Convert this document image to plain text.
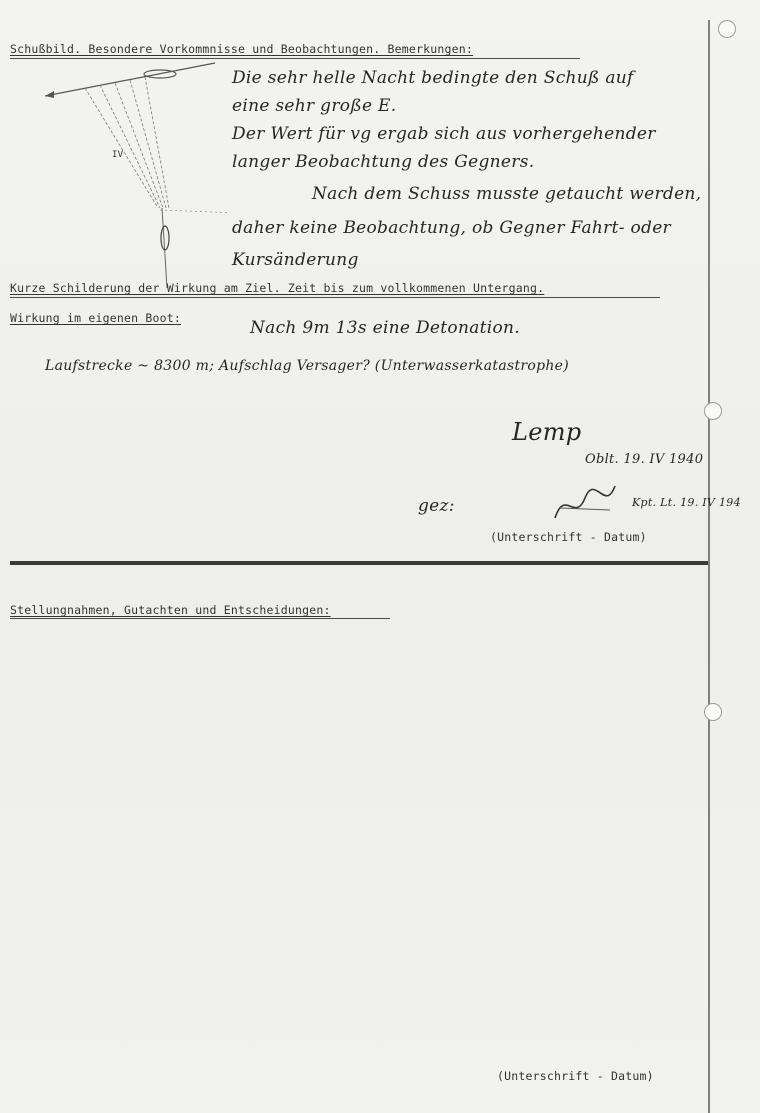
Schußbild. Besondere Vorkommnisse und Beobachtungen. Bemerkungen:
IV
Die sehr helle Nacht bedingte den Schuß auf
eine sehr große E.
Der Wert für vg ergab sich aus vorhergehender
langer Beobachtung des Gegners.
Nach dem Schuss musste getaucht werden,
daher keine Beobachtung, ob Gegner Fahrt- oder
Kursänderung
Kurze Schilderung der Wirkung am Ziel. Zeit bis zum vollkommenen Untergang.
Wirkung im eigenen Boot:	Nach 9m 13s eine Detonation.
Laufstrecke ~ 8300 m; Aufschlag Versager? (Unterwasserkatastrophe)
Lemp
Oblt. 19. IV 1940
gez:	Kpt. Lt. 19. IV 194
(Unterschrift - Datum)
Stellungnahmen, Gutachten und Entscheidungen:
(Unterschrift - Datum)
